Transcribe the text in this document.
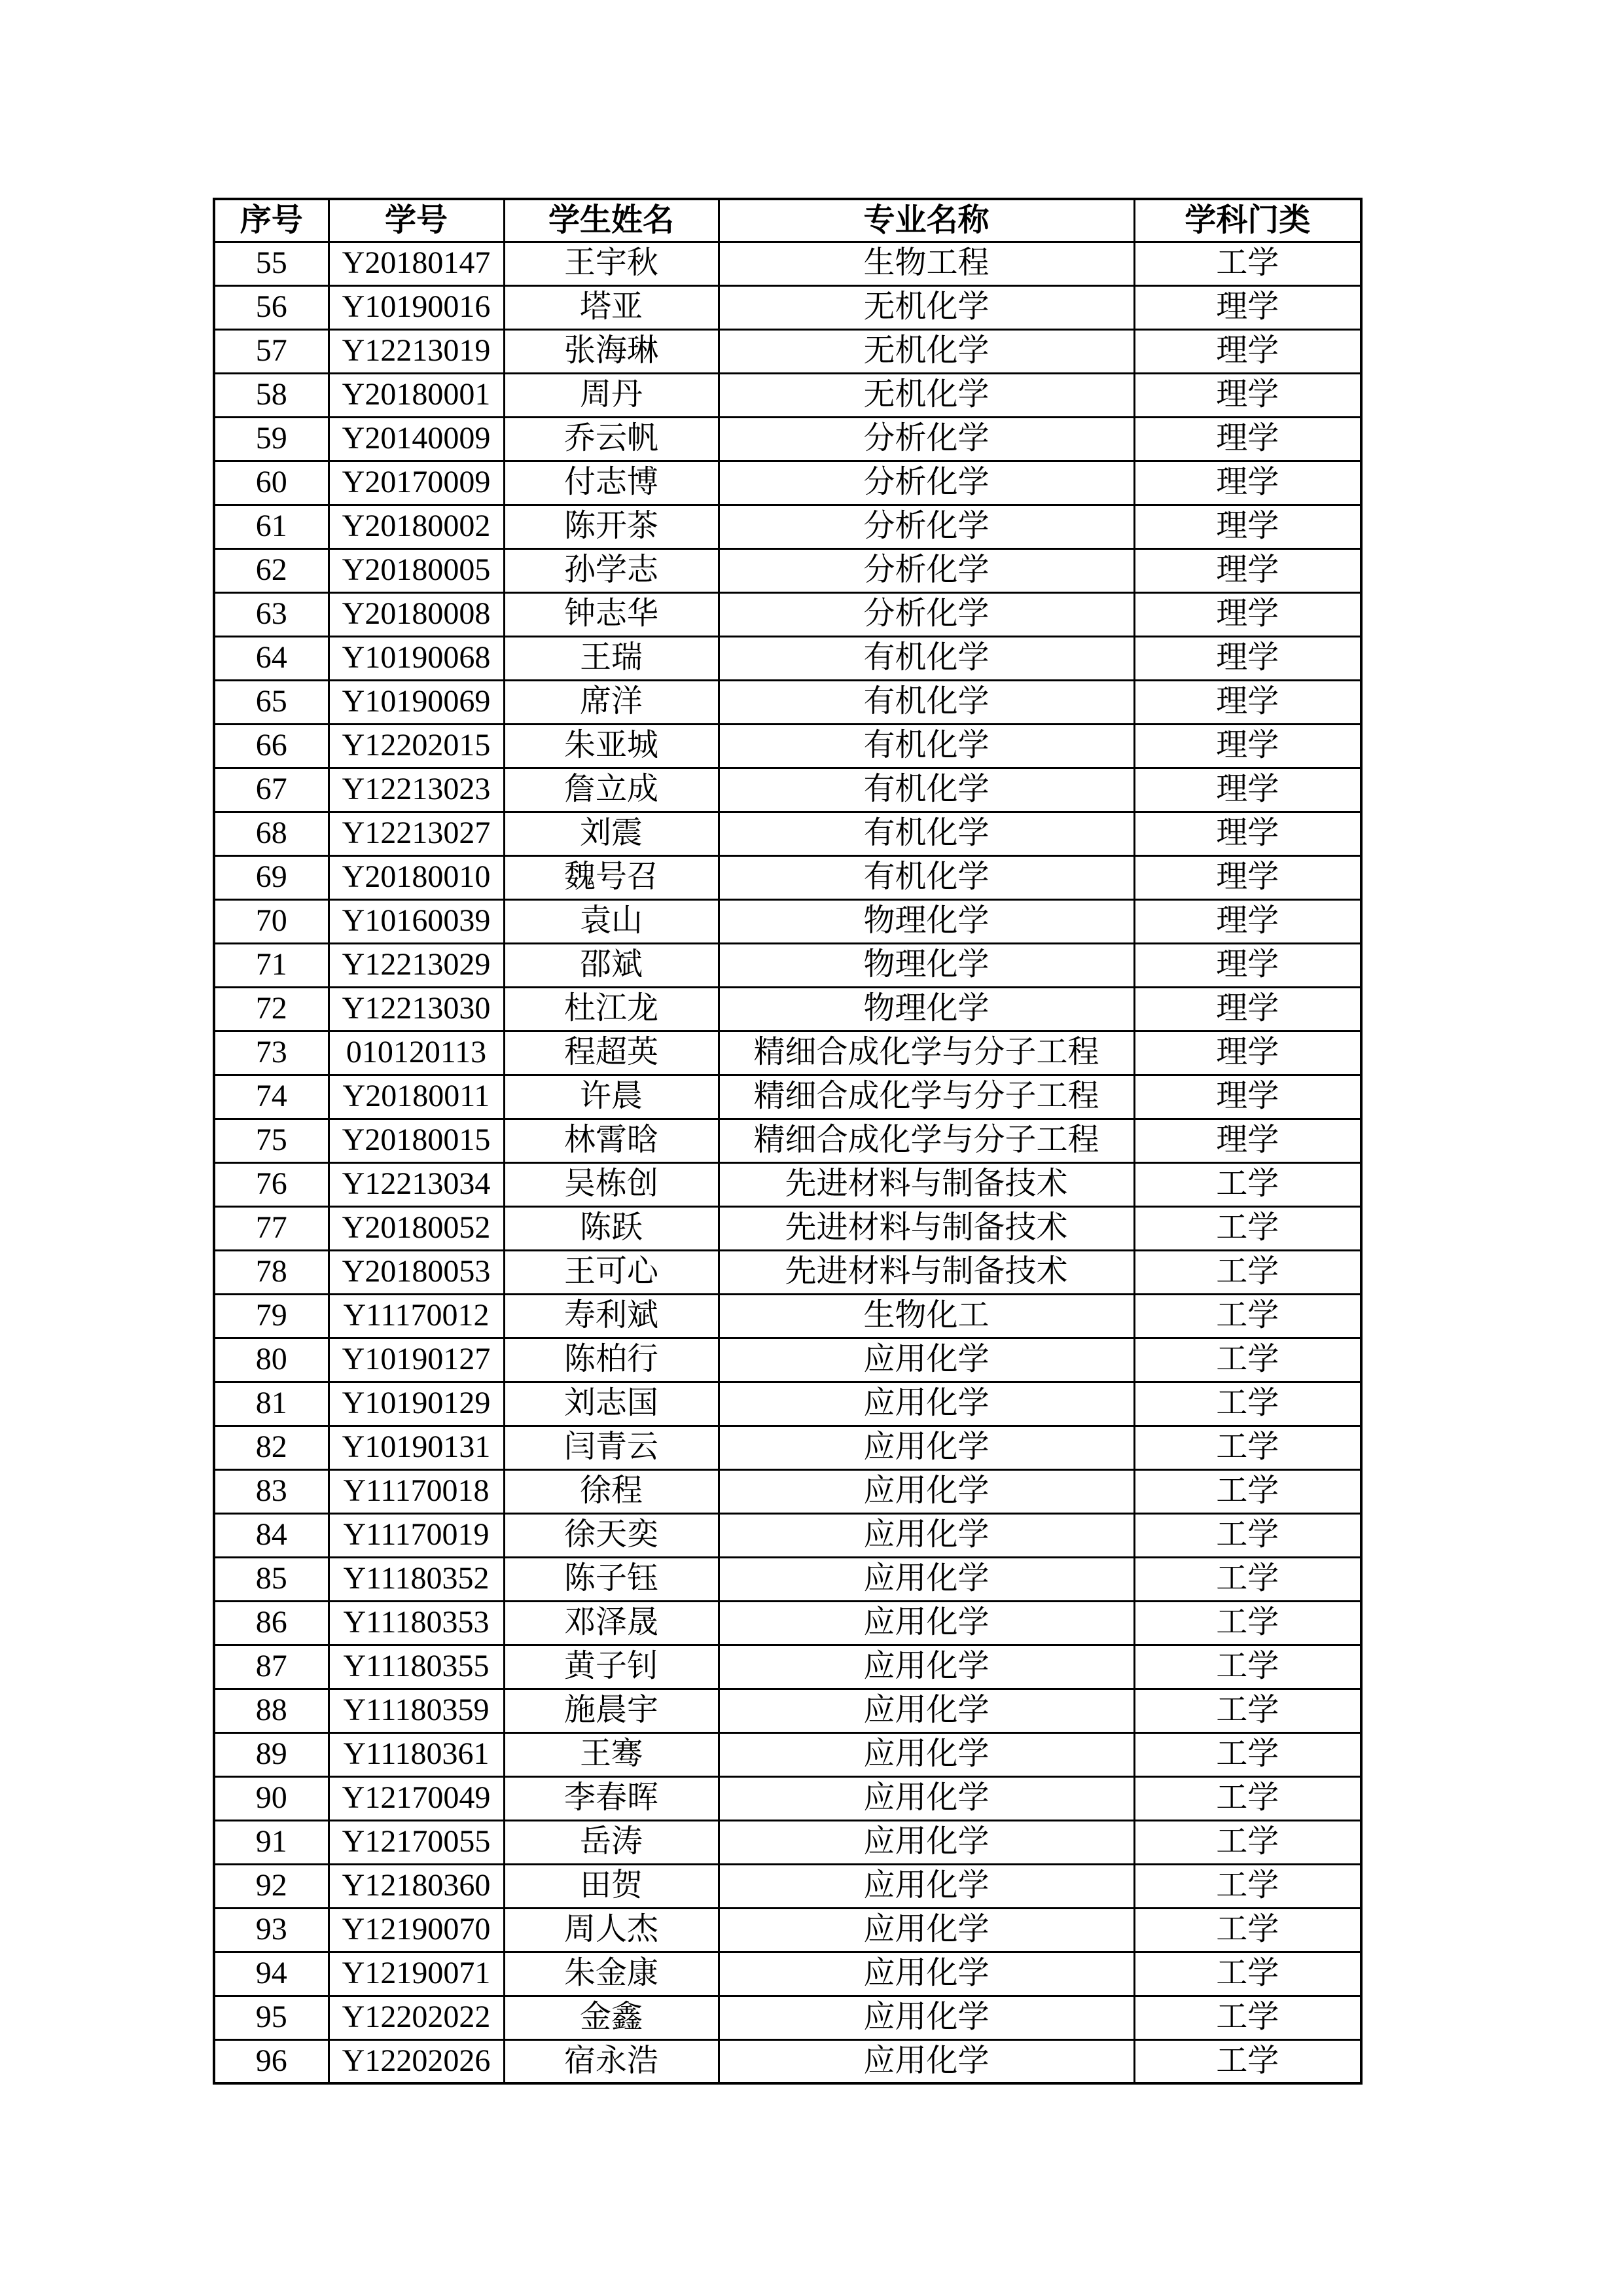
序号	学号	学生姓名	专业名称	学科门类
55	Y20180147	王宇秋	生物工程	工学
56	Y10190016	塔亚	无机化学	理学
57	Y12213019	张海琳	无机化学	理学
58	Y20180001	周丹	无机化学	理学
59	Y20140009	乔云帆	分析化学	理学
60	Y20170009	付志博	分析化学	理学
61	Y20180002	陈开茶	分析化学	理学
62	Y20180005	孙学志	分析化学	理学
63	Y20180008	钟志华	分析化学	理学
64	Y10190068	王瑞	有机化学	理学
65	Y10190069	席洋	有机化学	理学
66	Y12202015	朱亚城	有机化学	理学
67	Y12213023	詹立成	有机化学	理学
68	Y12213027	刘震	有机化学	理学
69	Y20180010	魏号召	有机化学	理学
70	Y10160039	袁山	物理化学	理学
71	Y12213029	邵斌	物理化学	理学
72	Y12213030	杜江龙	物理化学	理学
73	010120113	程超英	精细合成化学与分子工程	理学
74	Y20180011	许晨	精细合成化学与分子工程	理学
75	Y20180015	林霄晗	精细合成化学与分子工程	理学
76	Y12213034	吴栋创	先进材料与制备技术	工学
77	Y20180052	陈跃	先进材料与制备技术	工学
78	Y20180053	王可心	先进材料与制备技术	工学
79	Y11170012	寿利斌	生物化工	工学
80	Y10190127	陈柏行	应用化学	工学
81	Y10190129	刘志国	应用化学	工学
82	Y10190131	闫青云	应用化学	工学
83	Y11170018	徐程	应用化学	工学
84	Y11170019	徐天奕	应用化学	工学
85	Y11180352	陈子钰	应用化学	工学
86	Y11180353	邓泽晟	应用化学	工学
87	Y11180355	黄子钊	应用化学	工学
88	Y11180359	施晨宇	应用化学	工学
89	Y11180361	王骞	应用化学	工学
90	Y12170049	李春晖	应用化学	工学
91	Y12170055	岳涛	应用化学	工学
92	Y12180360	田贺	应用化学	工学
93	Y12190070	周人杰	应用化学	工学
94	Y12190071	朱金康	应用化学	工学
95	Y12202022	金鑫	应用化学	工学
96	Y12202026	宿永浩	应用化学	工学
